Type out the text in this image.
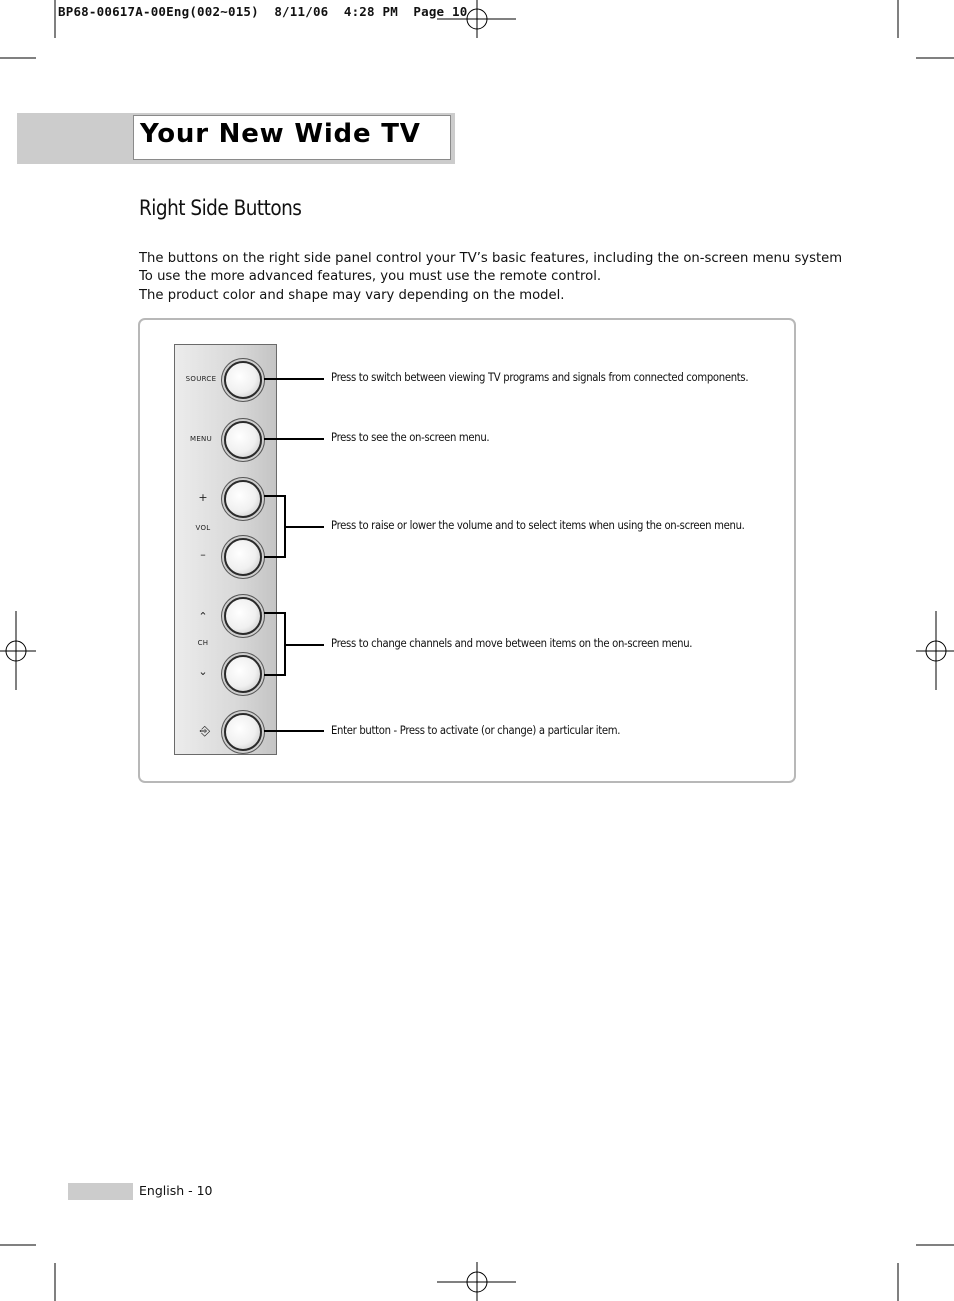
BP68-00617A-00Eng(002~015)  8/11/06  4:28 PM  Page 10
Your New Wide TV
Right Side Buttons
The buttons on the right side panel control your TV’s basic features, including the on-screen menu system
To use the more advanced features, you must use the remote control.
The product color and shape may vary depending on the model.
SOURCE
MENU
+
VOL
–
⌃
CH
⌄
⎆
Press to switch between viewing TV programs and signals from connected components.
Press to see the on-screen menu.
Press to raise or lower the volume and to select items when using the on-screen menu.
Press to change channels and move between items on the on-screen menu.
Enter button - Press to activate (or change) a particular item.
English - 10
